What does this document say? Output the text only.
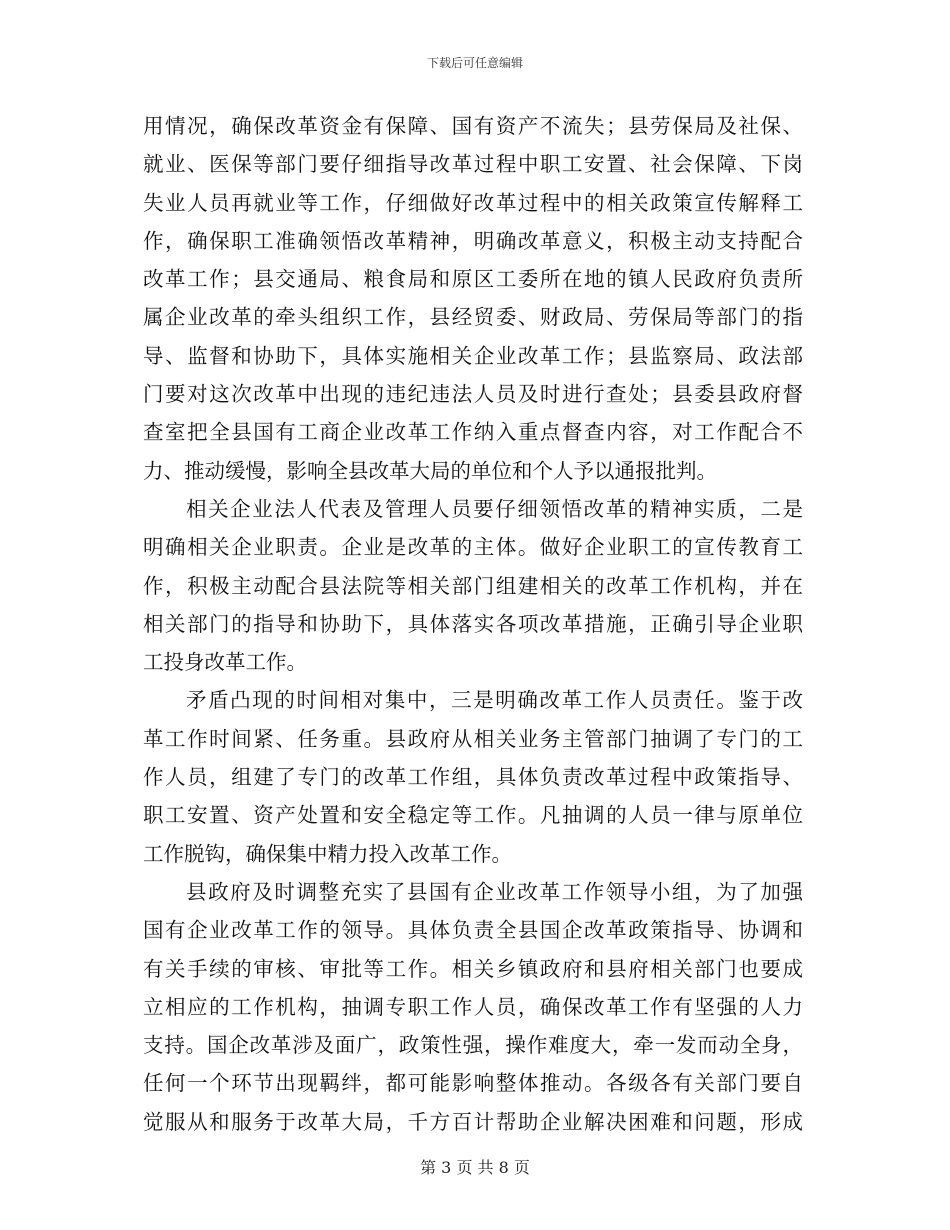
下载后可任意编辑
用情况，确保改革资金有保障、国有资产不流失；县劳保局及社保、
就业、医保等部门要仔细指导改革过程中职工安置、社会保障、下岗
失业人员再就业等工作，仔细做好改革过程中的相关政策宣传解释工
作，确保职工准确领悟改革精神，明确改革意义，积极主动支持配合
改革工作；县交通局、粮食局和原区工委所在地的镇人民政府负责所
属企业改革的牵头组织工作，县经贸委、财政局、劳保局等部门的指
导、监督和协助下，具体实施相关企业改革工作；县监察局、政法部
门要对这次改革中出现的违纪违法人员及时进行查处；县委县政府督
查室把全县国有工商企业改革工作纳入重点督查内容，对工作配合不
力、推动缓慢，影响全县改革大局的单位和个人予以通报批判。
相关企业法人代表及管理人员要仔细领悟改革的精神实质，二是
明确相关企业职责。企业是改革的主体。做好企业职工的宣传教育工
作，积极主动配合县法院等相关部门组建相关的改革工作机构，并在
相关部门的指导和协助下，具体落实各项改革措施，正确引导企业职
工投身改革工作。
矛盾凸现的时间相对集中，三是明确改革工作人员责任。鉴于改
革工作时间紧、任务重。县政府从相关业务主管部门抽调了专门的工
作人员，组建了专门的改革工作组，具体负责改革过程中政策指导、
职工安置、资产处置和安全稳定等工作。凡抽调的人员一律与原单位
工作脱钩，确保集中精力投入改革工作。
县政府及时调整充实了县国有企业改革工作领导小组，为了加强
国有企业改革工作的领导。具体负责全县国企改革政策指导、协调和
有关手续的审核、审批等工作。相关乡镇政府和县府相关部门也要成
立相应的工作机构，抽调专职工作人员，确保改革工作有坚强的人力
支持。国企改革涉及面广，政策性强，操作难度大，牵一发而动全身，
任何一个环节出现羁绊，都可能影响整体推动。各级各有关部门要自
觉服从和服务于改革大局，千方百计帮助企业解决困难和问题，形成
第 3 页 共 8 页
